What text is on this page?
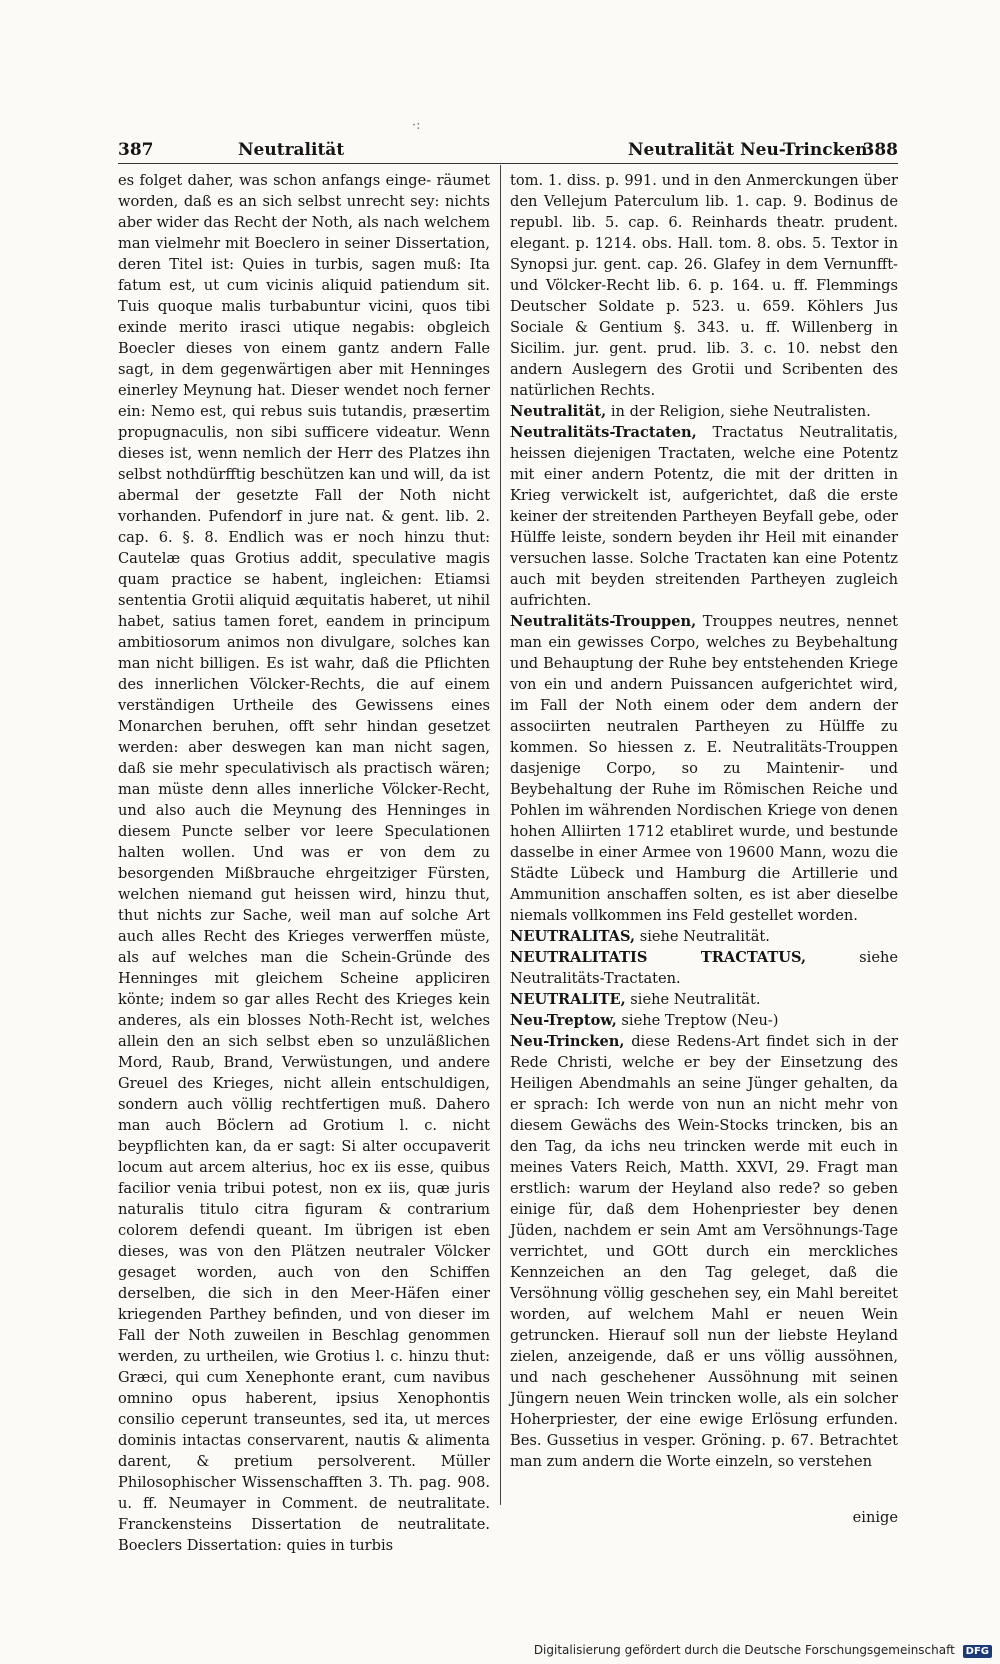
·:
387	Neutralität	Neutralität Neu-Trincken
388

es folget daher, was schon anfangs einge- räumet worden, daß es an sich selbst unrecht sey: nichts aber wider das Recht der Noth, als nach welchem man vielmehr mit Boeclero in seiner Dissertation, deren Titel ist: Quies in turbis, sagen muß: Ita fatum est, ut cum vicinis aliquid patiendum sit. Tuis quoque malis turbabuntur vicini, quos tibi exinde merito irasci utique negabis: obgleich Boecler dieses von einem gantz andern Falle sagt, in dem gegenwärtigen aber mit Henninges einerley Meynung hat. Dieser wendet noch ferner ein: Nemo est, qui rebus suis tutandis, præsertim propugnaculis, non sibi sufficere videatur. Wenn dieses ist, wenn nemlich der Herr des Platzes ihn selbst nothdürfftig beschützen kan und will, da ist abermal der gesetzte Fall der Noth nicht vorhanden. Pufendorf in jure nat. & gent. lib. 2. cap. 6. §. 8. Endlich was er noch hinzu thut: Cautelæ quas Grotius addit, speculative magis quam practice se habent, ingleichen: Etiamsi sententia Grotii aliquid æquitatis haberet, ut nihil habet, satius tamen foret, eandem in principum ambitiosorum animos non divulgare, solches kan man nicht billigen. Es ist wahr, daß die Pflichten des innerlichen Völcker-Rechts, die auf einem verständigen Urtheile des Gewissens eines Monarchen beruhen, offt sehr hindan gesetzet werden: aber deswegen kan man nicht sagen, daß sie mehr speculativisch als practisch wären; man müste denn alles innerliche Völcker-Recht, und also auch die Meynung des Henninges in diesem Puncte selber vor leere Speculationen halten wollen. Und was er von dem zu besorgenden Mißbrauche ehrgeitziger Fürsten, welchen niemand gut heissen wird, hinzu thut, thut nichts zur Sache, weil man auf solche Art auch alles Recht des Krieges verwerffen müste, als auf welches man die Schein-Gründe des Henninges mit gleichem Scheine appliciren könte; indem so gar alles Recht des Krieges kein anderes, als ein blosses Noth-Recht ist, welches allein den an sich selbst eben so unzuläßlichen Mord, Raub, Brand, Verwüstungen, und andere Greuel des Krieges, nicht allein entschuldigen, sondern auch völlig rechtfertigen muß. Dahero man auch Böclern ad Grotium l. c. nicht beypflichten kan, da er sagt: Si alter occupaverit locum aut arcem alterius, hoc ex iis esse, quibus facilior venia tribui potest, non ex iis, quæ juris naturalis titulo citra figuram & contrarium colorem defendi queant. Im übrigen ist eben dieses, was von den Plätzen neutraler Völcker gesaget worden, auch von den Schiffen derselben, die sich in den Meer-Häfen einer kriegenden Parthey befinden, und von dieser im Fall der Noth zuweilen in Beschlag genommen werden, zu urtheilen, wie Grotius l. c. hinzu thut: Græci, qui cum Xenephonte erant, cum navibus omnino opus haberent, ipsius Xenophontis consilio ceperunt transeuntes, sed ita, ut merces dominis intactas conservarent, nautis & alimenta darent, & pretium persolverent. Müller Philosophischer Wissenschafften 3. Th. pag. 908. u. ff. Neumayer in Comment. de neutralitate. Franckensteins Dissertation de neutralitate. Boeclers Dissertation: quies in turbis

tom. 1. diss. p. 991. und in den Anmerckungen über den Vellejum Paterculum lib. 1. cap. 9. Bodinus de republ. lib. 5. cap. 6. Reinhards theatr. prudent. elegant. p. 1214. obs. Hall. tom. 8. obs. 5. Textor in Synopsi jur. gent. cap. 26. Glafey in dem Vernunfft- und Völcker-Recht lib. 6. p. 164. u. ff. Flemmings Deutscher Soldate p. 523. u. 659. Köhlers Jus Sociale & Gentium §. 343. u. ff. Willenberg in Sicilim. jur. gent. prud. lib. 3. c. 10. nebst den andern Auslegern des Grotii und Scribenten des natürlichen Rechts.

Neutralität, in der Religion, siehe Neutralisten.

Neutralitäts-Tractaten, Tractatus Neutralitatis, heissen diejenigen Tractaten, welche eine Potentz mit einer andern Potentz, die mit der dritten in Krieg verwickelt ist, aufgerichtet, daß die erste keiner der streitenden Partheyen Beyfall gebe, oder Hülffe leiste, sondern beyden ihr Heil mit einander versuchen lasse. Solche Tractaten kan eine Potentz auch mit beyden streitenden Partheyen zugleich aufrichten.

Neutralitäts-Trouppen, Trouppes neutres, nennet man ein gewisses Corpo, welches zu Beybehaltung und Behauptung der Ruhe bey entstehenden Kriege von ein und andern Puissancen aufgerichtet wird, im Fall der Noth einem oder dem andern der associirten neutralen Partheyen zu Hülffe zu kommen. So hiessen z. E. Neutralitäts-Trouppen dasjenige Corpo, so zu Maintenir- und Beybehaltung der Ruhe im Römischen Reiche und Pohlen im währenden Nordischen Kriege von denen hohen Alliirten 1712 etabliret wurde, und bestunde dasselbe in einer Armee von 19600 Mann, wozu die Städte Lübeck und Hamburg die Artillerie und Ammunition anschaffen solten, es ist aber dieselbe niemals vollkommen ins Feld gestellet worden.

NEUTRALITAS, siehe Neutralität.

NEUTRALITATIS TRACTATUS,	siehe Neutralitäts-Tractaten.

NEUTRALITE, siehe Neutralität.

Neu-Treptow, siehe Treptow (Neu-)

Neu-Trincken, diese Redens-Art findet sich in der Rede Christi, welche er bey der Einsetzung des Heiligen Abendmahls an seine Jünger gehalten, da er sprach: Ich werde von nun an nicht mehr von diesem Gewächs des Wein-Stocks trincken, bis an den Tag, da ichs neu trincken werde mit euch in meines Vaters Reich, Matth. XXVI, 29. Fragt man erstlich: warum der Heyland also rede? so geben einige für, daß dem Hohenpriester bey denen Jüden, nachdem er sein Amt am Versöhnungs-Tage verrichtet, und GOtt durch ein merckliches Kennzeichen an den Tag geleget, daß die Versöhnung völlig geschehen sey, ein Mahl bereitet worden, auf welchem Mahl er neuen Wein getruncken. Hierauf soll nun der liebste Heyland zielen, anzeigende, daß er uns völlig aussöhnen, und nach geschehener Aussöhnung mit seinen Jüngern neuen Wein trincken wolle, als ein solcher Hoherpriester, der eine ewige Erlösung erfunden. Bes. Gussetius in vesper. Gröning. p. 67. Betrachtet man zum andern die Worte einzeln, so verstehen

einige
Digitalisierung gefördert durch die Deutsche Forschungsgemeinschaft DFG
